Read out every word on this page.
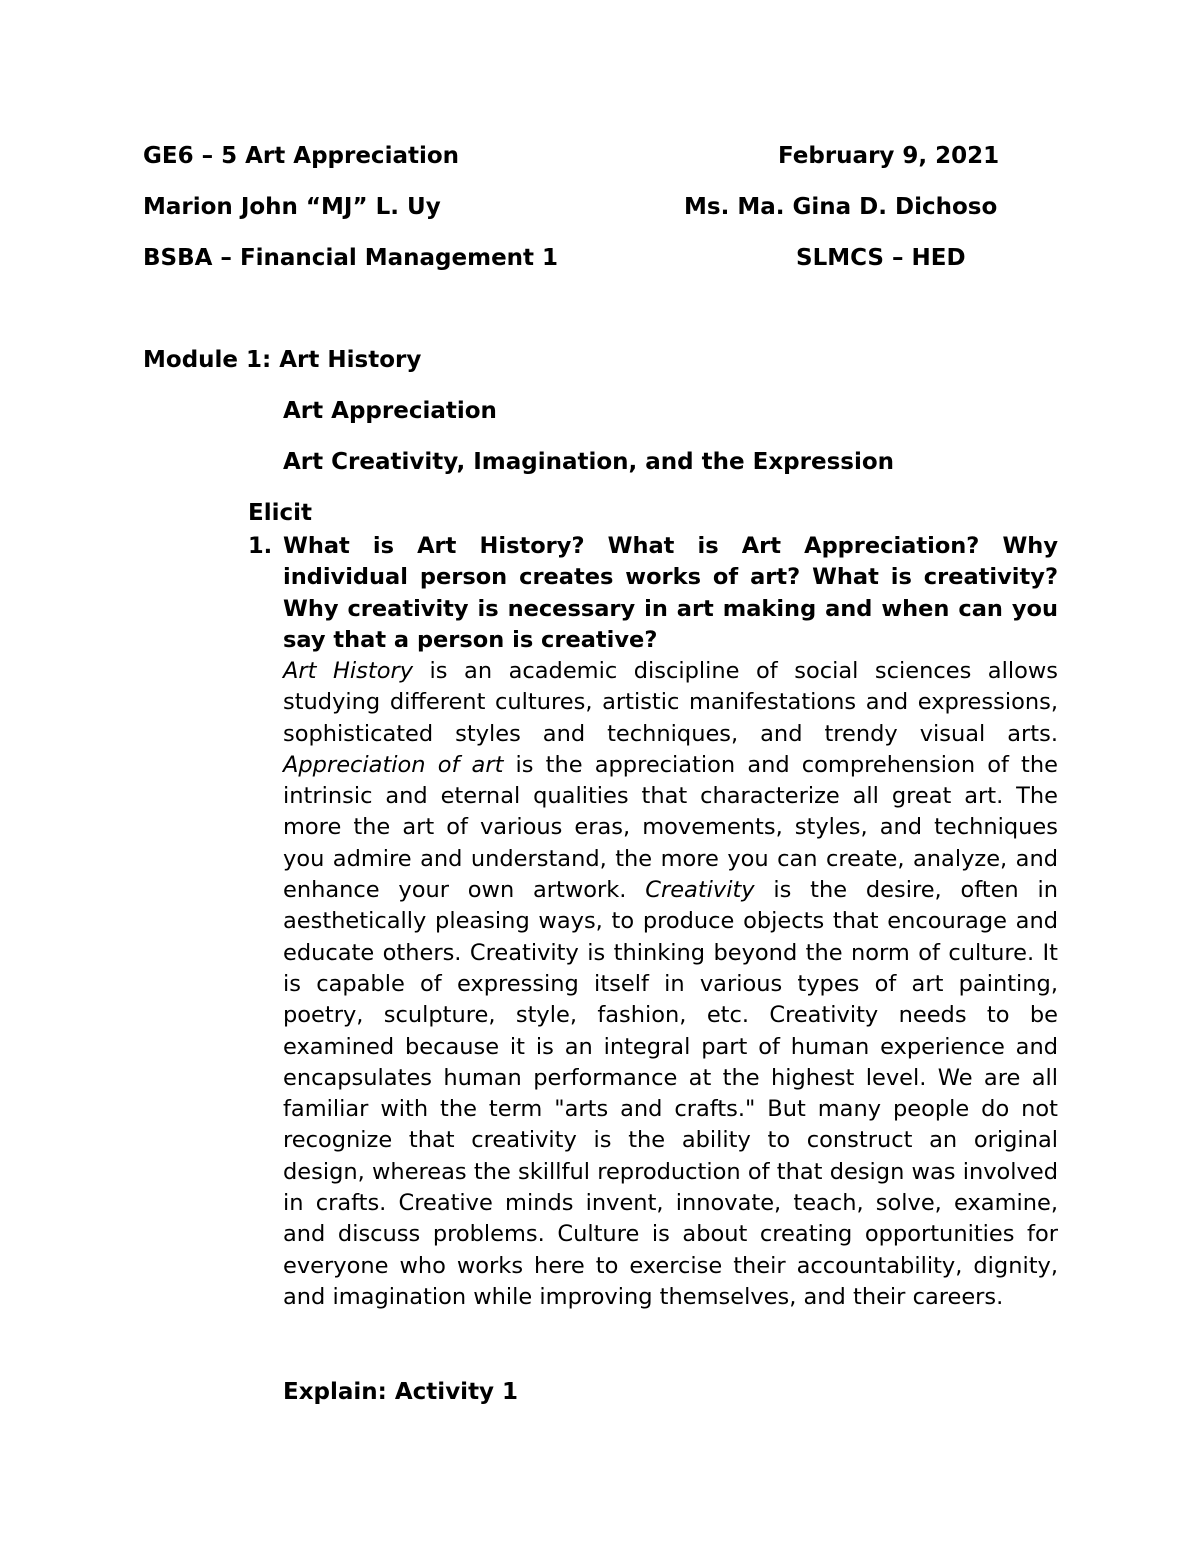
GE6 – 5 Art Appreciation	February 9, 2021
Marion John “MJ” L. Uy	Ms. Ma. Gina D. Dichoso
BSBA – Financial Management 1	SLMCS – HED
Module 1: Art History
Art Appreciation
Art Creativity, Imagination, and the Expression
Elicit
1. What is Art History? What is Art Appreciation? Why individual person creates works of art? What is creativity? Why creativity is necessary in art making and when can you say that a person is creative?

Art History is an academic discipline of social sciences allows studying different cultures, artistic manifestations and expressions, sophisticated styles and techniques, and trendy visual arts. Appreciation of art is the appreciation and comprehension of the intrinsic and eternal qualities that characterize all great art. The more the art of various eras, movements, styles, and techniques you admire and understand, the more you can create, analyze, and enhance your own artwork. Creativity is the desire, often in aesthetically pleasing ways, to produce objects that encourage and educate others. Creativity is thinking beyond the norm of culture. It is capable of expressing itself in various types of art painting, poetry, sculpture, style, fashion, etc. Creativity needs to be examined because it is an integral part of human experience and encapsulates human performance at the highest level. We are all familiar with the term "arts and crafts." But many people do not recognize that creativity is the ability to construct an original design, whereas the skillful reproduction of that design was involved in crafts. Creative minds invent, innovate, teach, solve, examine, and discuss problems. Culture is about creating opportunities for everyone who works here to exercise their accountability, dignity, and imagination while improving themselves, and their careers.

Explain: Activity 1
